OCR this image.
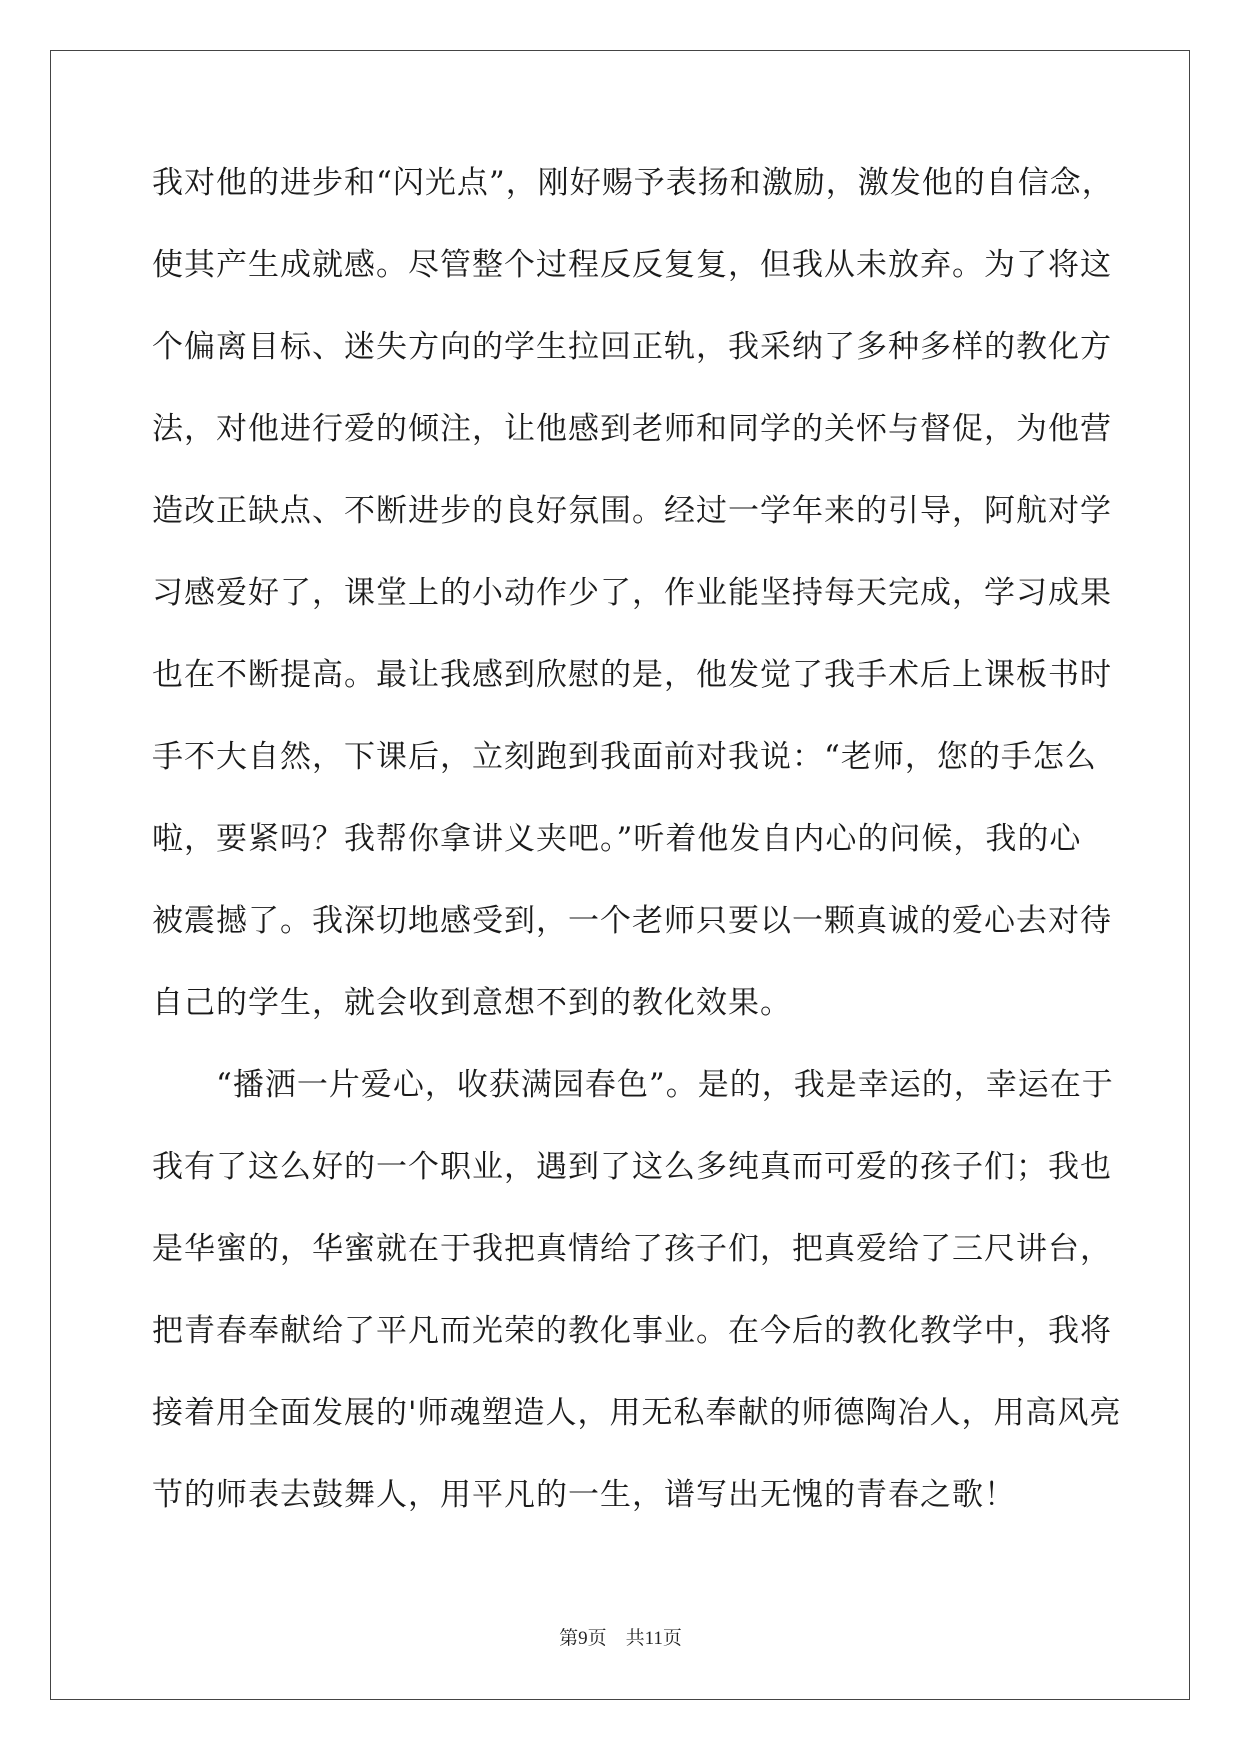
我对他的进步和“闪光点”，刚好赐予表扬和激励，激发他的自信念，
使其产生成就感。尽管整个过程反反复复，但我从未放弃。为了将这
个偏离目标、迷失方向的学生拉回正轨，我采纳了多种多样的教化方
法，对他进行爱的倾注，让他感到老师和同学的关怀与督促，为他营
造改正缺点、不断进步的良好氛围。经过一学年来的引导，阿航对学
习感爱好了，课堂上的小动作少了，作业能坚持每天完成，学习成果
也在不断提高。最让我感到欣慰的是，他发觉了我手术后上课板书时
手不大自然，下课后，立刻跑到我面前对我说：“老师，您的手怎么
啦，要紧吗？我帮你拿讲义夹吧。”听着他发自内心的问候，我的心
被震撼了。我深切地感受到，一个老师只要以一颗真诚的爱心去对待
自己的学生，就会收到意想不到的教化效果。
　　“播洒一片爱心，收获满园春色”。是的，我是幸运的，幸运在于
我有了这么好的一个职业，遇到了这么多纯真而可爱的孩子们；我也
是华蜜的，华蜜就在于我把真情给了孩子们，把真爱给了三尺讲台，
把青春奉献给了平凡而光荣的教化事业。在今后的教化教学中，我将
接着用全面发展的'师魂塑造人，用无私奉献的师德陶冶人，用高风亮
节的师表去鼓舞人，用平凡的一生，谱写出无愧的青春之歌！
第9页　共11页
